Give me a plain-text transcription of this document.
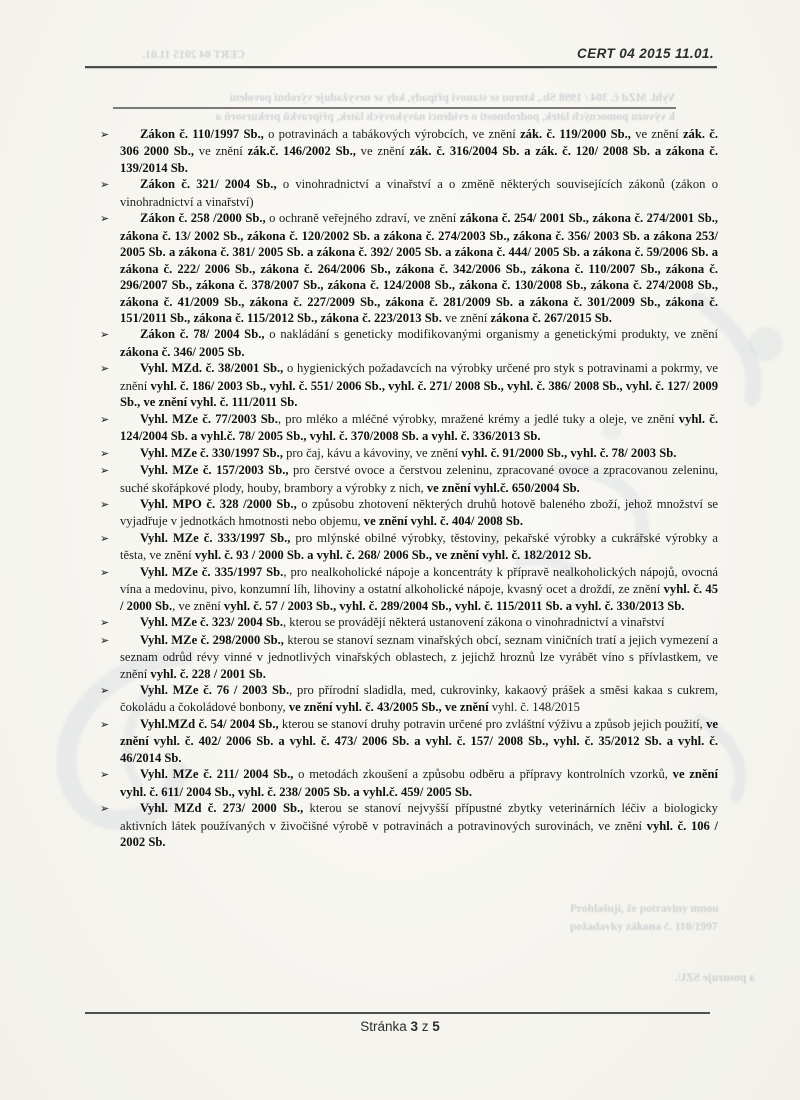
CERT 04 2015 11.01.
➢ Zákon č. 110/1997 Sb., o potravinách a tabákových výrobcích, ve znění zák. č. 119/2000 Sb., ve znění zák. č. 306 2000 Sb., ve znění zák.č. 146/2002 Sb., ve znění zák. č. 316/2004 Sb. a zák. č. 120/ 2008 Sb. a zákona č. 139/2014 Sb.
➢ Zákon č. 321/ 2004 Sb., o vinohradnictví a vinařství a o změně některých souvisejících zákonů (zákon o vinohradnictví a vinařství)
➢ Zákon č. 258 /2000 Sb., o ochraně veřejného zdraví, ve znění zákona č. 254/ 2001 Sb., zákona č. 274/2001 Sb., zákona č. 13/ 2002 Sb., zákona č. 120/2002 Sb. a zákona č. 274/2003 Sb., zákona č. 356/ 2003 Sb. a zákona 253/ 2005 Sb. a zákona č. 381/ 2005 Sb. a zákona č. 392/ 2005 Sb. a zákona č. 444/ 2005 Sb. a zákona č. 59/2006 Sb. a zákona č. 222/ 2006 Sb., zákona č. 264/2006 Sb., zákona č. 342/2006 Sb., zákona č. 110/2007 Sb., zákona č. 296/2007 Sb., zákona č. 378/2007 Sb., zákona č. 124/2008 Sb., zákona č. 130/2008 Sb., zákona č. 274/2008 Sb., zákona č. 41/2009 Sb., zákona č. 227/2009 Sb., zákona č. 281/2009 Sb. a zákona č. 301/2009 Sb., zákona č. 151/2011 Sb., zákona č. 115/2012 Sb., zákona č. 223/2013 Sb. ve znění zákona č. 267/2015 Sb.
➢ Zákon č. 78/ 2004 Sb., o nakládání s geneticky modifikovanými organismy a genetickými produkty, ve znění zákona č. 346/ 2005 Sb.
➢ Vyhl. MZd. č. 38/2001 Sb., o hygienických požadavcích na výrobky určené pro styk s potravinami a pokrmy, ve znění vyhl. č. 186/ 2003 Sb., vyhl. č. 551/ 2006 Sb., vyhl. č. 271/ 2008 Sb., vyhl. č. 386/ 2008 Sb., vyhl. č. 127/ 2009 Sb., ve znění vyhl. č. 111/2011 Sb.
➢ Vyhl. MZe č. 77/2003 Sb., pro mléko a mléčné výrobky, mražené krémy a jedlé tuky a oleje, ve znění vyhl. č. 124/2004 Sb. a vyhl.č. 78/ 2005 Sb., vyhl. č. 370/2008 Sb. a vyhl. č. 336/2013 Sb.
➢ Vyhl. MZe č. 330/1997 Sb., pro čaj, kávu a kávoviny, ve znění vyhl. č. 91/2000 Sb., vyhl. č. 78/ 2003 Sb.
➢ Vyhl. MZe č. 157/2003 Sb., pro čerstvé ovoce a čerstvou zeleninu, zpracované ovoce a zpracovanou zeleninu, suché skořápkové plody, houby, brambory a výrobky z nich, ve znění vyhl.č. 650/2004 Sb.
➢ Vyhl. MPO č. 328 /2000 Sb., o způsobu zhotovení některých druhů hotově baleného zboží, jehož množství se vyjadřuje v jednotkách hmotnosti nebo objemu, ve znění vyhl. č. 404/ 2008 Sb.
➢ Vyhl. MZe č. 333/1997 Sb., pro mlýnské obilné výrobky, těstoviny, pekařské výrobky a cukrářské výrobky a těsta, ve znění vyhl. č. 93 / 2000 Sb. a vyhl. č. 268/ 2006 Sb., ve znění vyhl. č. 182/2012 Sb.
➢ Vyhl. MZe č. 335/1997 Sb., pro nealkoholické nápoje a koncentráty k přípravě nealkoholických nápojů, ovocná vína a medovinu, pivo, konzumní líh, lihoviny a ostatní alkoholické nápoje, kvasný ocet a droždí, ze znění vyhl. č. 45 / 2000 Sb., ve znění vyhl. č. 57 / 2003 Sb., vyhl. č. 289/2004 Sb., vyhl. č. 115/2011 Sb. a vyhl. č. 330/2013 Sb.
➢ Vyhl. MZe č. 323/ 2004 Sb., kterou se provádějí některá ustanovení zákona o vinohradnictví a vinařství
➢ Vyhl. MZe č. 298/2000 Sb., kterou se stanoví seznam vinařských obcí, seznam viničních tratí a jejich vymezení a seznam odrůd révy vinné v jednotlivých vinařských oblastech, z jejichž hroznů lze vyrábět víno s přívlastkem, ve znění vyhl. č. 228 / 2001 Sb.
➢ Vyhl. MZe č. 76 / 2003 Sb., pro přírodní sladidla, med, cukrovinky, kakaový prášek a směsi kakaa s cukrem, čokoládu a čokoládové bonbony, ve znění vyhl. č. 43/2005 Sb., ve znění vyhl. č. 148/2015
➢ Vyhl.MZd č. 54/ 2004 Sb., kterou se stanoví druhy potravin určené pro zvláštní výživu a způsob jejich použití, ve znění vyhl. č. 402/ 2006 Sb. a vyhl. č. 473/ 2006 Sb. a vyhl. č. 157/ 2008 Sb., vyhl. č. 35/2012 Sb. a vyhl. č. 46/2014 Sb.
➢ Vyhl. MZe č. 211/ 2004 Sb., o metodách zkoušení a způsobu odběru a přípravy kontrolních vzorků, ve znění vyhl. č. 611/ 2004 Sb., vyhl. č. 238/ 2005 Sb. a vyhl.č. 459/ 2005 Sb.
➢ Vyhl. MZd č. 273/ 2000 Sb., kterou se stanoví nejvyšší přípustné zbytky veterinárních léčiv a biologicky aktivních látek používaných v živočišné výrobě v potravinách a potravinových surovinách, ve znění vyhl. č. 106 / 2002 Sb.
Stránka 3 z 5
CERT 04 2015 11.01.
Vyhl. MZd č. 304 / 1998 Sb., kterou se stanoví případy, kdy se nevyžaduje výrobní povolení
k vývozu pomocných látek, podrobnosti o evidenci návykových látek, přípravků prekursorů a
Prohlašuji, že potraviny mnou
požadavky zákona č. 110/1997
a posuzuje SZU.
